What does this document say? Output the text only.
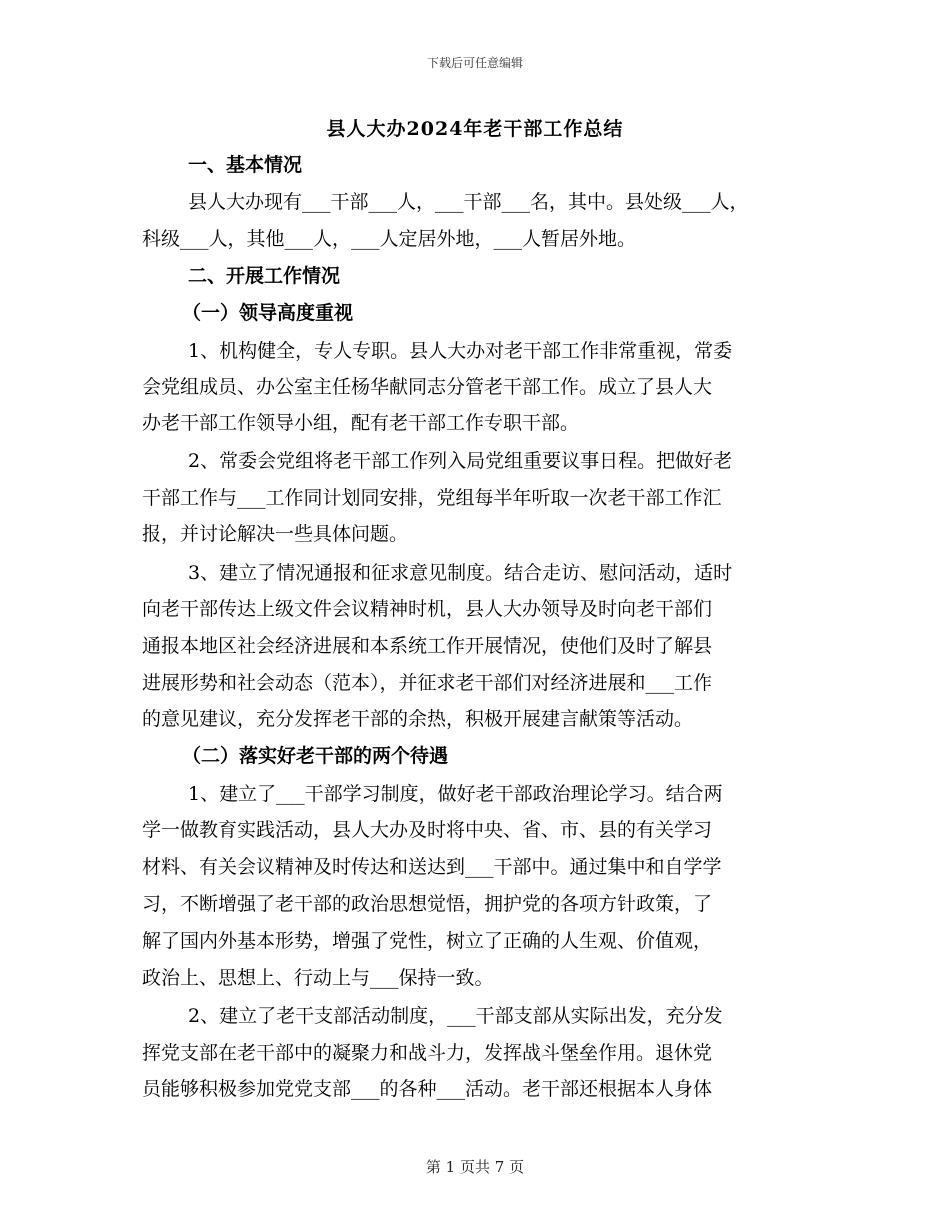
下载后可任意编辑
县人大办2024年老干部工作总结
一、基本情况
县人大办现有___干部___人，___干部___名，其中。县处级___人，
科级___人，其他___人，___人定居外地，___人暂居外地。
二、开展工作情况
（一）领导高度重视
1、机构健全，专人专职。县人大办对老干部工作非常重视，常委
会党组成员、办公室主任杨华献同志分管老干部工作。成立了县人大
办老干部工作领导小组，配有老干部工作专职干部。
2、常委会党组将老干部工作列入局党组重要议事日程。把做好老
干部工作与___工作同计划同安排，党组每半年听取一次老干部工作汇
报，并讨论解决一些具体问题。
3、建立了情况通报和征求意见制度。结合走访、慰问活动，适时
向老干部传达上级文件会议精神时机，县人大办领导及时向老干部们
通报本地区社会经济进展和本系统工作开展情况，使他们及时了解县
进展形势和社会动态（范本），并征求老干部们对经济进展和___工作
的意见建议，充分发挥老干部的余热，积极开展建言献策等活动。
（二）落实好老干部的两个待遇
1、建立了___干部学习制度，做好老干部政治理论学习。结合两
学一做教育实践活动，县人大办及时将中央、省、市、县的有关学习
材料、有关会议精神及时传达和送达到___干部中。通过集中和自学学
习，不断增强了老干部的政治思想觉悟，拥护党的各项方针政策，了
解了国内外基本形势，增强了党性，树立了正确的人生观、价值观，
政治上、思想上、行动上与___保持一致。
2、建立了老干支部活动制度，___干部支部从实际出发，充分发
挥党支部在老干部中的凝聚力和战斗力，发挥战斗堡垒作用。退休党
员能够积极参加党党支部___的各种___活动。老干部还根据本人身体
第 1 页共 7 页
